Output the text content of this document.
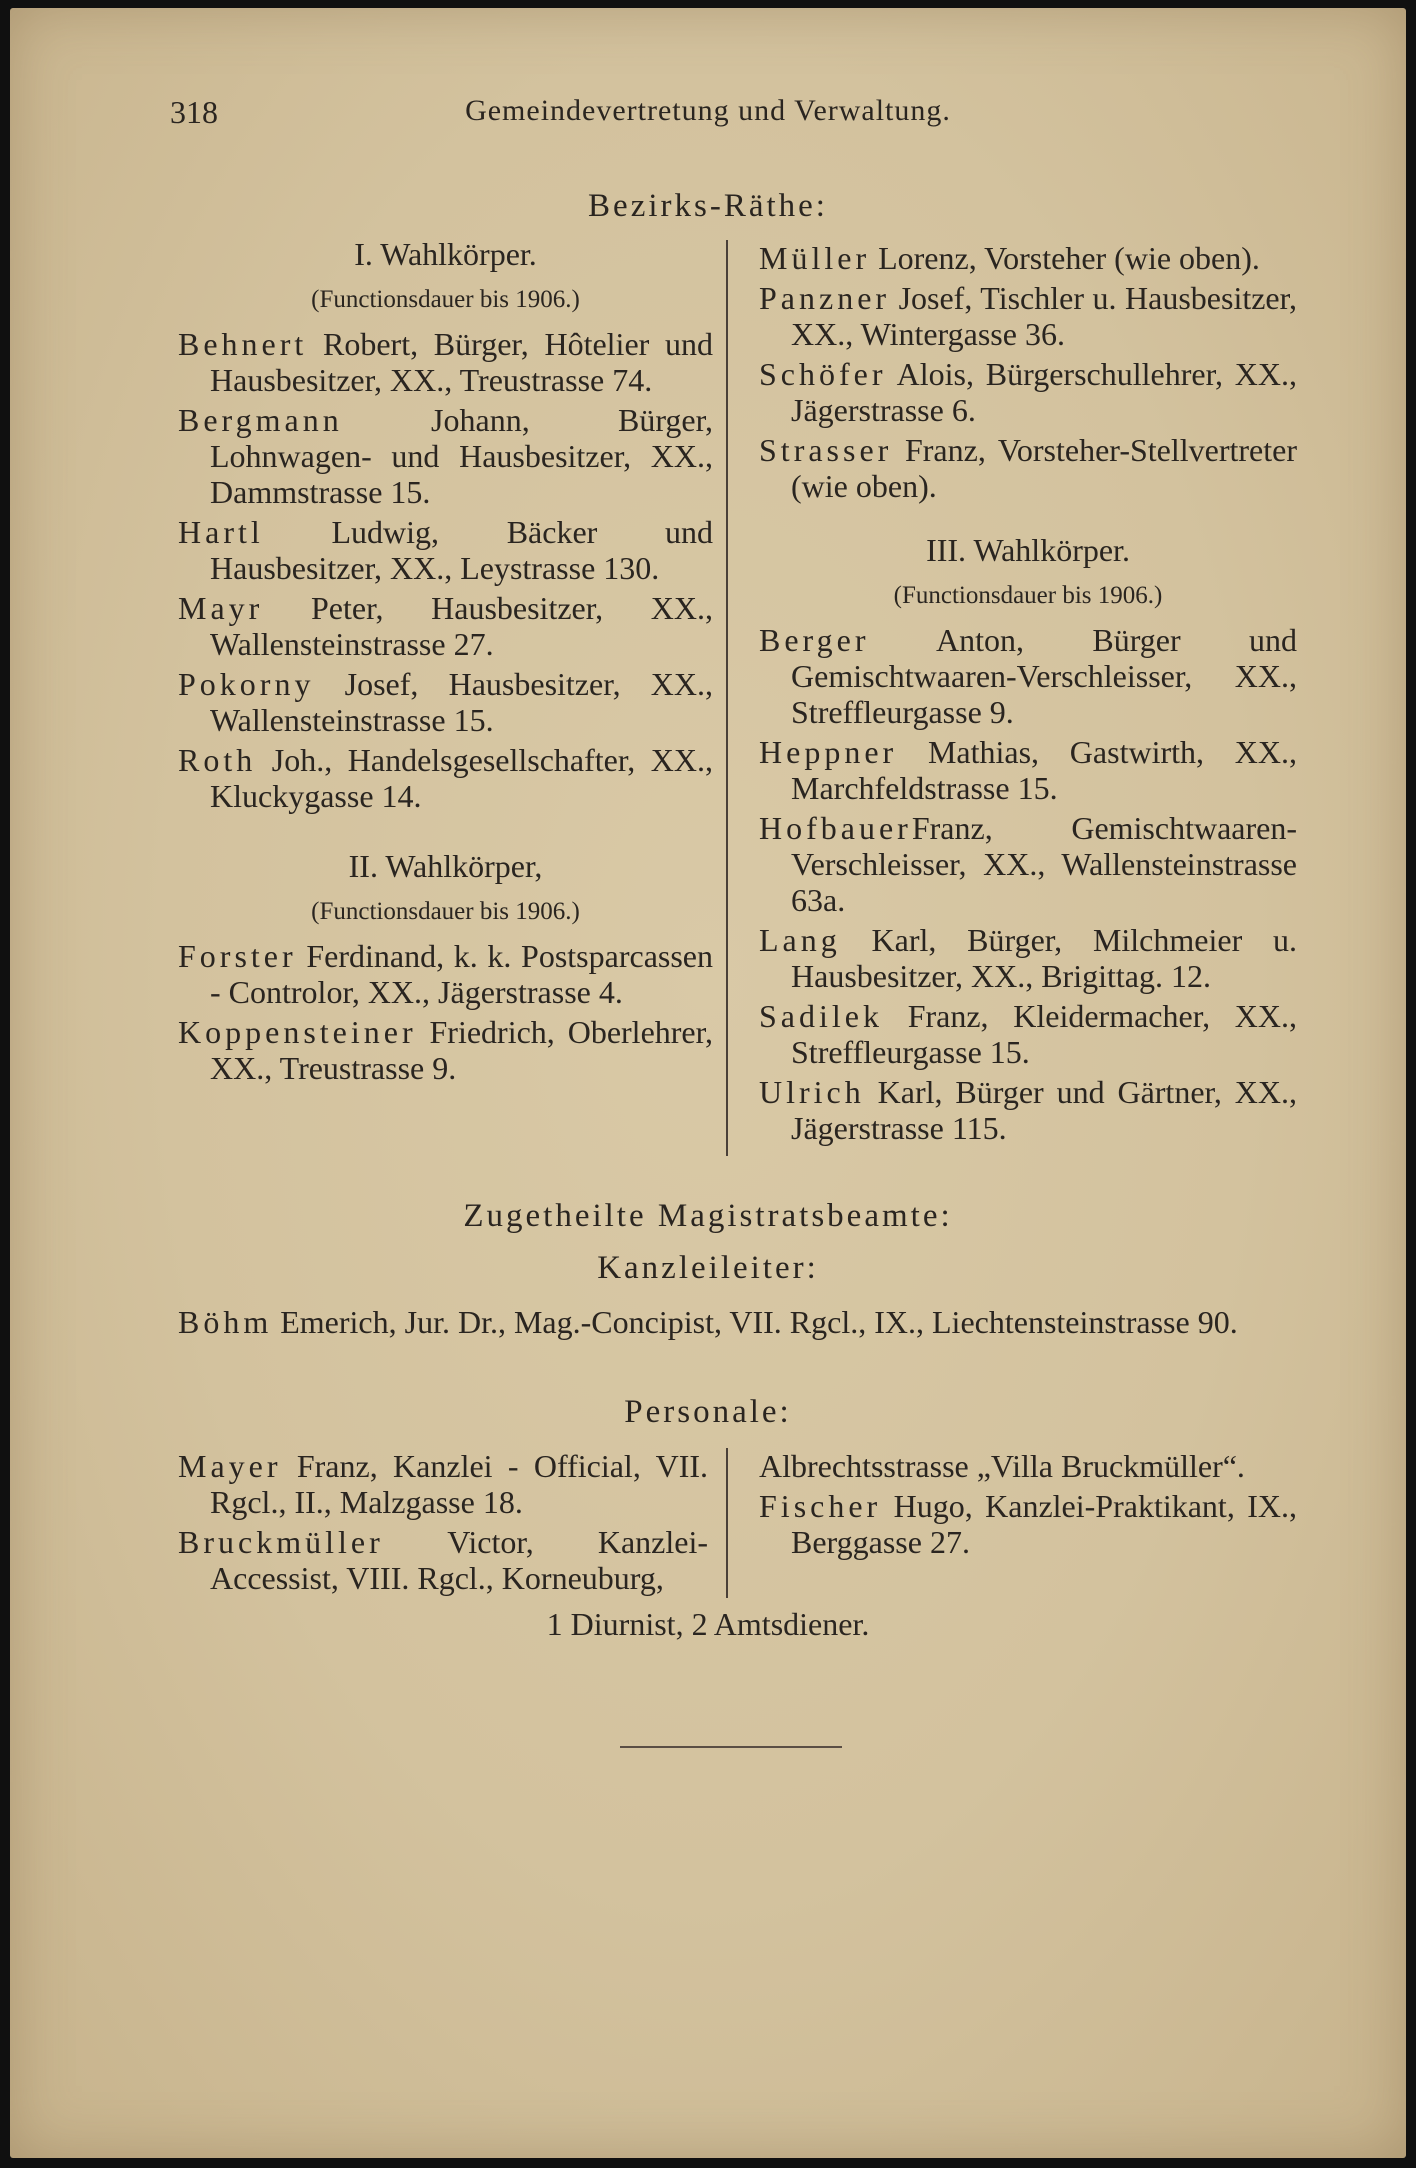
318	Gemeindevertretung und Verwaltung.
Bezirks-Räthe:
I. Wahlkörper.
(Functionsdauer bis 1906.)

Behnert Robert, Bürger, Hôtelier und Hausbesitzer, XX., Treustrasse 74.

Bergmann Johann, Bürger, Lohnwagen- und Hausbesitzer, XX., Dammstrasse 15.

Hartl Ludwig, Bäcker und Hausbesitzer, XX., Leystrasse 130.

Mayr Peter, Hausbesitzer, XX., Wallensteinstrasse 27.

Pokorny Josef, Hausbesitzer, XX., Wallensteinstrasse 15.

Roth Joh., Handelsgesellschafter, XX., Kluckygasse 14.

II. Wahlkörper,
(Functionsdauer bis 1906.)

Forster Ferdinand, k. k. Postsparcassen - Controlor, XX., Jägerstrasse 4.

Koppensteiner Friedrich, Oberlehrer, XX., Treustrasse 9.

Müller Lorenz, Vorsteher (wie oben).

Panzner Josef, Tischler u. Hausbesitzer, XX., Wintergasse 36.

Schöfer Alois, Bürgerschullehrer, XX., Jägerstrasse 6.

Strasser Franz, Vorsteher-Stellvertreter (wie oben).

III. Wahlkörper.
(Functionsdauer bis 1906.)

Berger Anton, Bürger und Gemischtwaaren-Verschleisser, XX., Streffleurgasse 9.

Heppner Mathias, Gastwirth, XX., Marchfeldstrasse 15.

HofbauerFranz, Gemischtwaaren-Verschleisser, XX., Wallensteinstrasse 63a.

Lang Karl, Bürger, Milchmeier u. Hausbesitzer, XX., Brigittag. 12.

Sadilek Franz, Kleidermacher, XX., Streffleurgasse 15.

Ulrich Karl, Bürger und Gärtner, XX., Jägerstrasse 115.

Zugetheilte Magistratsbeamte:
Kanzleileiter:

Böhm Emerich, Jur. Dr., Mag.-Concipist, VII. Rgcl., IX., Liechtensteinstrasse 90.

Personale:

Mayer Franz, Kanzlei - Official, VII. Rgcl., II., Malzgasse 18.

Bruckmüller Victor, Kanzlei-Accessist, VIII. Rgcl., Korneuburg,

Albrechtsstrasse „Villa Bruckmüller“.

Fischer Hugo, Kanzlei-Praktikant, IX., Berggasse 27.

1 Diurnist, 2 Amtsdiener.
